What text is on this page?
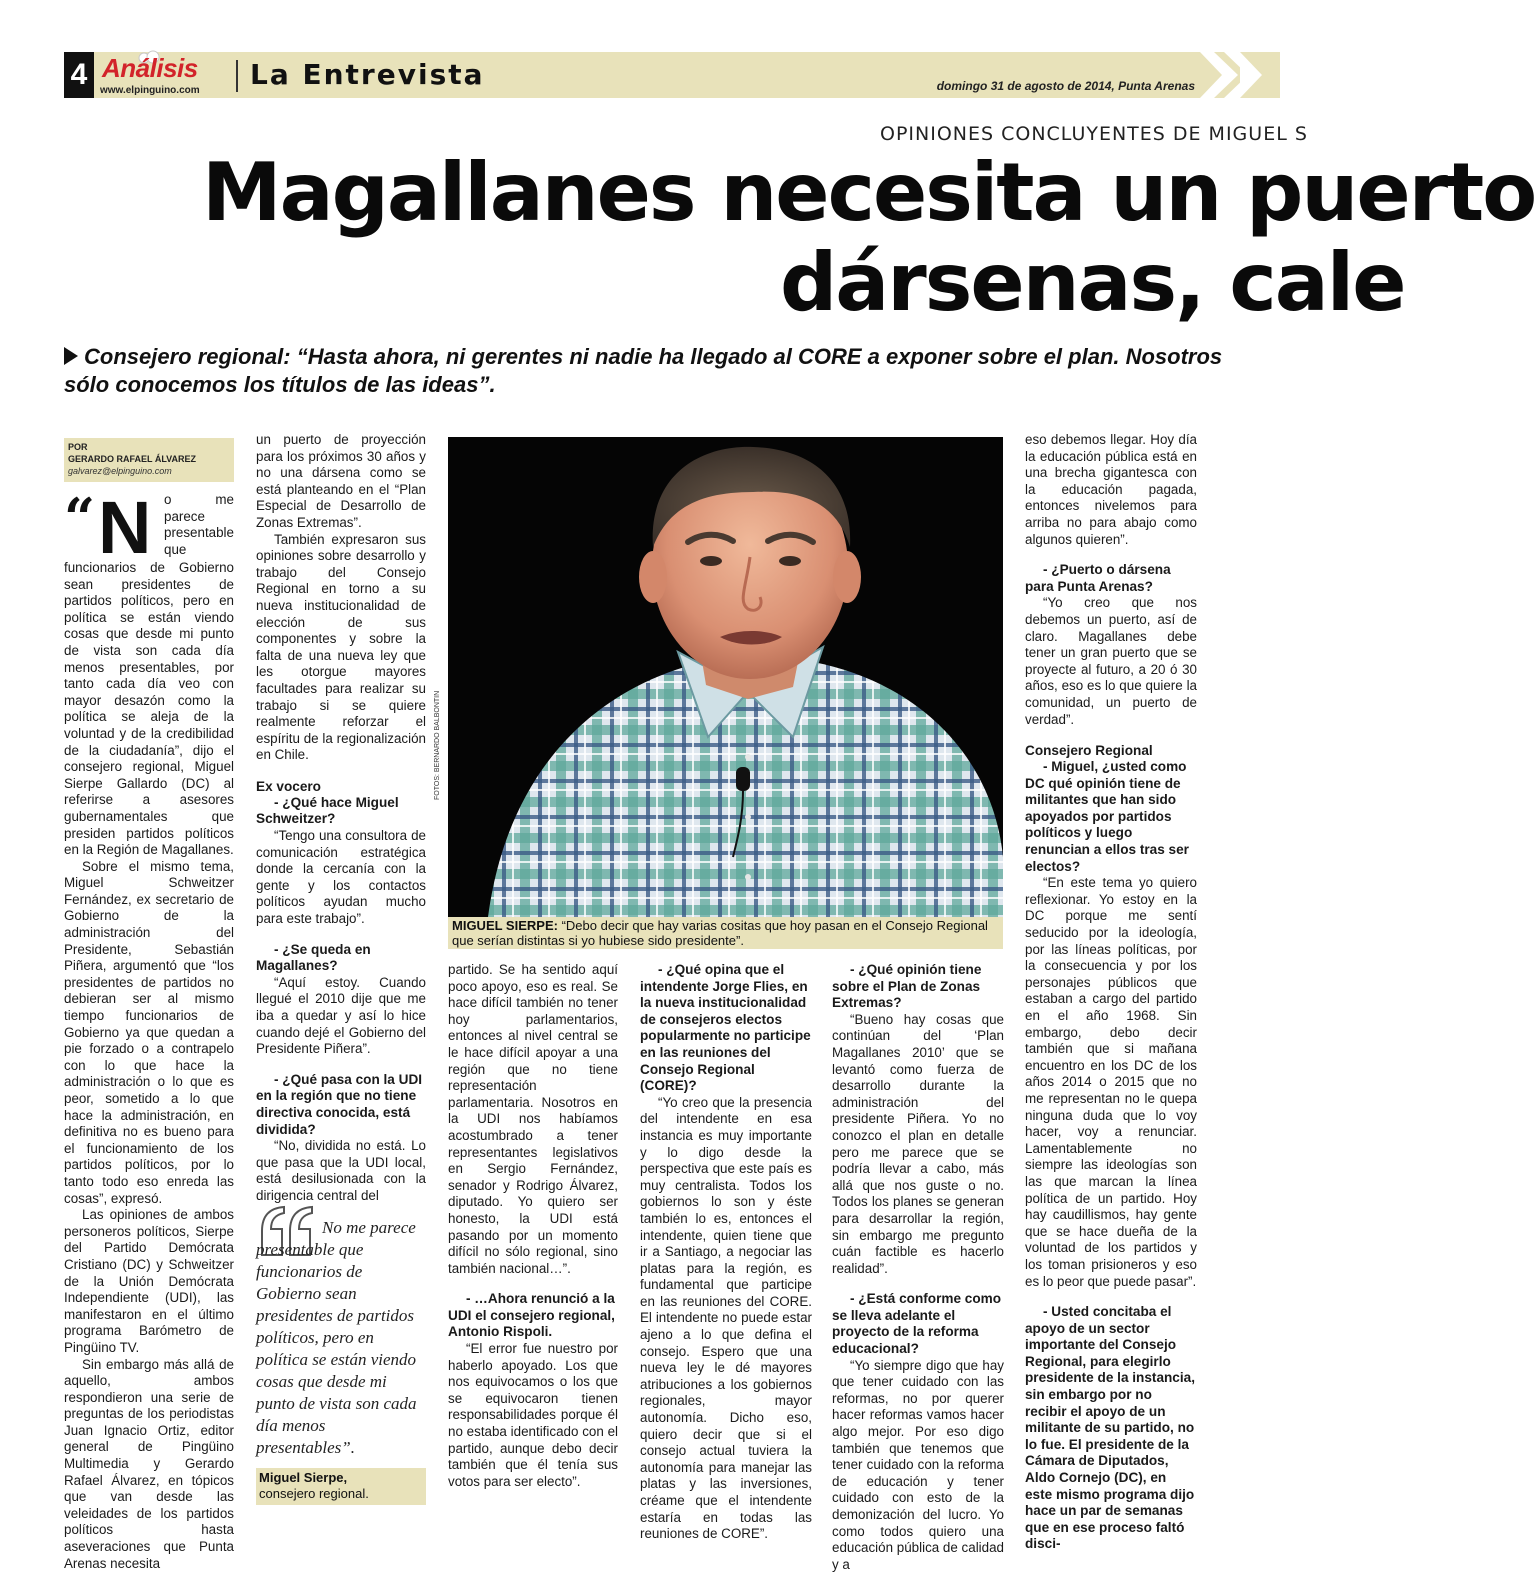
4 Análisis
www.elpinguino.com La Entrevista	domingo 31 de agosto de 2014, Punta Arenas
OPINIONES CONCLUYENTES DE MIGUEL S
Magallanes necesita un puerto
dársenas, cale
Consejero regional: “Hasta ahora, ni gerentes ni nadie ha llegado al CORE a exponer sobre el plan. Nosotros sólo conocemos los títulos de las ideas”.
POR
GERARDO RAFAEL ÁLVAREZ
galvarez@elpinguino.com
“ N o me parece presentable que funcionarios de Gobierno sean presidentes de partidos políticos, pero en política se están viendo cosas que desde mi punto de vista son cada día menos presentables, por tanto cada día veo con mayor desazón como la política se aleja de la voluntad y de la credibilidad de la ciudadanía”, dijo el consejero regional, Miguel Sierpe Gallardo (DC) al referirse a asesores gubernamentales que presiden partidos políticos en la Región de Magallanes.

Sobre el mismo tema, Miguel Schweitzer Fernández, ex secretario de Gobierno de la administración del Presidente, Sebastián Piñera, argumentó que “los presidentes de partidos no debieran ser al mismo tiempo funcionarios de Gobierno ya que quedan a pie forzado o a contrapelo con lo que hace la administración o lo que es peor, sometido a lo que hace la administración, en definitiva no es bueno para el funcionamiento de los partidos políticos, por lo tanto todo eso enreda las cosas”, expresó.

Las opiniones de ambos personeros políticos, Sierpe del Partido Demócrata Cristiano (DC) y Schweitzer de la Unión Demócrata Independiente (UDI), las manifestaron en el último programa Barómetro de Pingüino TV.

Sin embargo más allá de aquello, ambos respondieron una serie de preguntas de los periodistas Juan Ignacio Ortiz, editor general de Pingüino Multimedia y Gerardo Rafael Álvarez, en tópicos que van desde las veleidades de los partidos políticos hasta aseveraciones que Punta Arenas necesita

un puerto de proyección para los próximos 30 años y no una dársena como se está planteando en el “Plan Especial de Desarrollo de Zonas Extremas”.

También expresaron sus opiniones sobre desarrollo y trabajo del Consejo Regional en torno a su nueva institucionalidad de elección de sus componentes y sobre la falta de una nueva ley que les otorgue mayores facultades para realizar su trabajo si se quiere realmente reforzar el espíritu de la regionalización en Chile.

Ex vocero
- ¿Qué hace Miguel Schweitzer?

“Tengo una consultora de comunicación estratégica donde la cercanía con la gente y los contactos políticos ayudan mucho para este trabajo”.

- ¿Se queda en Magallanes?

“Aquí estoy. Cuando llegué el 2010 dije que me iba a quedar y así lo hice cuando dejé el Gobierno del Presidente Piñera”.

- ¿Qué pasa con la UDI en la región que no tiene directiva conocida, está dividida?

“No, dividida no está. Lo que pasa que la UDI local, está desilusionada con la dirigencia central del

No me parece presentable que funcionarios de Gobierno sean presidentes de partidos políticos, pero en política se están viendo cosas que desde mi punto de vista son cada día menos presentables”.
Miguel Sierpe,
consejero regional.
FOTOS: BERNARDO BALBONTIN
MIGUEL SIERPE: “Debo decir que hay varias cositas que hoy pasan en el Consejo Regional que serían distintas si yo hubiese sido presidente”.

partido. Se ha sentido aquí poco apoyo, eso es real. Se hace difícil también no tener hoy parlamentarios, entonces al nivel central se le hace difícil apoyar a una región que no tiene representación parlamentaria. Nosotros en la UDI nos habíamos acostumbrado a tener representantes legislativos en Sergio Fernández, senador y Rodrigo Álvarez, diputado. Yo quiero ser honesto, la UDI está pasando por un momento difícil no sólo regional, sino también nacional…”.

- …Ahora renunció a la UDI el consejero regional, Antonio Rispoli.

“El error fue nuestro por haberlo apoyado. Los que nos equivocamos o los que se equivocaron tienen responsabilidades porque él no estaba identificado con el partido, aunque debo decir también que él tenía sus votos para ser electo”.

- ¿Qué opina que el intendente Jorge Flies, en la nueva institucionalidad de consejeros electos popularmente no participe en las reuniones del Consejo Regional (CORE)?

“Yo creo que la presencia del intendente en esa instancia es muy importante y lo digo desde la perspectiva que este país es muy centralista. Todos los gobiernos lo son y éste también lo es, entonces el intendente, quien tiene que ir a Santiago, a negociar las platas para la región, es fundamental que participe en las reuniones del CORE. El intendente no puede estar ajeno a lo que defina el consejo. Espero que una nueva ley le dé mayores atribuciones a los gobiernos regionales, mayor autonomía. Dicho eso, quiero decir que si el consejo actual tuviera la autonomía para manejar las platas y las inversiones, créame que el intendente estaría en todas las reuniones de CORE”.

- ¿Qué opinión tiene sobre el Plan de Zonas Extremas?

“Bueno hay cosas que continúan del ‘Plan Magallanes 2010’ que se levantó como fuerza de desarrollo durante la administración del presidente Piñera. Yo no conozco el plan en detalle pero me parece que se podría llevar a cabo, más allá que nos guste o no. Todos los planes se generan para desarrollar la región, sin embargo me pregunto cuán factible es hacerlo realidad”.

- ¿Está conforme como se lleva adelante el proyecto de la reforma educacional?

“Yo siempre digo que hay que tener cuidado con las reformas, no por querer hacer reformas vamos hacer algo mejor. Por eso digo también que tenemos que tener cuidado con la reforma de educación y tener cuidado con esto de la demonización del lucro. Yo como todos quiero una educación pública de calidad y a

eso debemos llegar. Hoy día la educación pública está en una brecha gigantesca con la educación pagada, entonces nivelemos para arriba no para abajo como algunos quieren”.

- ¿Puerto o dársena para Punta Arenas?

“Yo creo que nos debemos un puerto, así de claro. Magallanes debe tener un gran puerto que se proyecte al futuro, a 20 ó 30 años, eso es lo que quiere la comunidad, un puerto de verdad”.

Consejero Regional
- Miguel, ¿usted como DC qué opinión tiene de militantes que han sido apoyados por partidos políticos y luego renuncian a ellos tras ser electos?

“En este tema yo quiero reflexionar. Yo estoy en la DC porque me sentí seducido por la ideología, por las líneas políticas, por la consecuencia y por los personajes públicos que estaban a cargo del partido en el año 1968. Sin embargo, debo decir también que si mañana encuentro en los DC de los años 2014 o 2015 que no me representan no le quepa ninguna duda que lo voy hacer, voy a renunciar. Lamentablemente no siempre las ideologías son las que marcan la línea política de un partido. Hoy hay caudillismos, hay gente que se hace dueña de la voluntad de los partidos y los toman prisioneros y eso es lo peor que puede pasar”.

- Usted concitaba el apoyo de un sector importante del Consejo Regional, para elegirlo presidente de la instancia, sin embargo por no recibir el apoyo de un militante de su partido, no lo fue. El presidente de la Cámara de Diputados, Aldo Cornejo (DC), en este mismo programa dijo hace un par de semanas que en ese proceso faltó disci-
